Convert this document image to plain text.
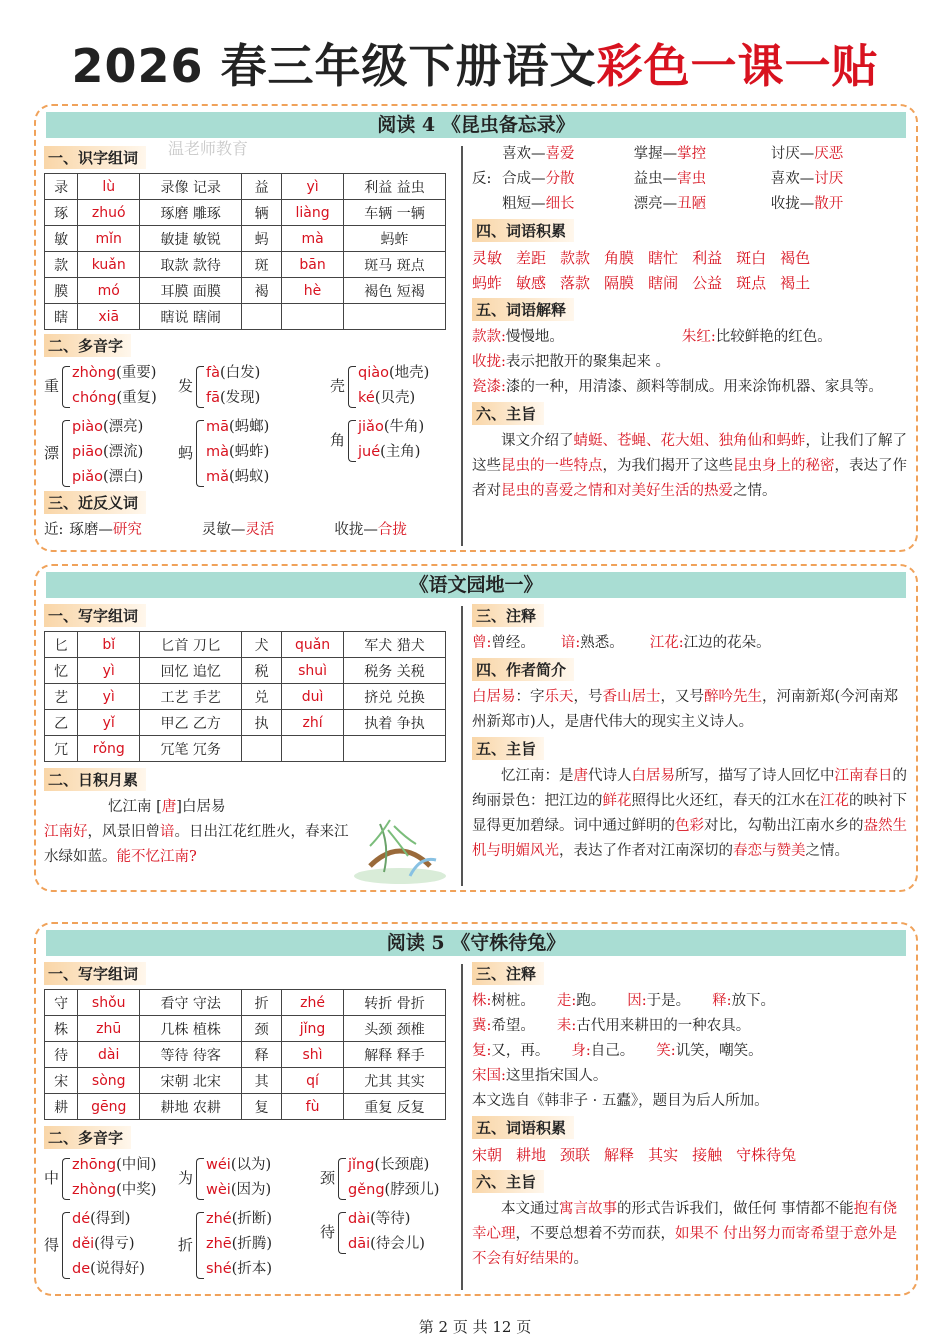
2026 春三年级下册语文彩色一课一贴
温老师教育
阅读 4 《昆虫备忘录》
一、识字组词
录	lù	录像 记录	益	yì	利益 益虫
琢	zhuó	琢磨 雕琢	辆	liàng	车辆 一辆
敏	mǐn	敏捷 敏锐	蚂	mà	蚂蚱
款	kuǎn	取款 款待	斑	bān	斑马 斑点
膜	mó	耳膜 面膜	褐	hè	褐色 短褐
瞎	xiā	瞎说 瞎闹			
二、多音字
重
zhòng(重要)
chóng(重复)
发
fà(白发)
fā(发现)
壳
qiào(地壳)
ké(贝壳)
漂
piào(漂亮)
piāo(漂流)
piǎo(漂白)
蚂
mā(蚂螂)
mà(蚂蚱)
mǎ(蚂蚁)
角
jiǎo(牛角)
jué(主角)
三、近反义词
近: 琢磨—研究	灵敏—灵活	收拢—合拢
喜欢—喜爱	掌握—掌控	讨厌—厌恶
反: 合成—分散	益虫—害虫	喜欢—讨厌
粗短—细长	漂亮—丑陋	收拢—散开
四、词语积累
灵敏 差距 款款 角膜 瞎忙 利益 斑白 褐色
蚂蚱 敏感 落款 隔膜 瞎闹 公益 斑点 褐土
五、词语解释
款款:慢慢地。	朱红:比较鲜艳的红色。
收拢:表示把散开的聚集起来 。
瓷漆:漆的一种，用清漆、颜料等制成。用来涂饰机器、家具等。
六、主旨
课文介绍了蜻蜓、苍蝇、花大姐、独角仙和蚂蚱，让我们了解了这些昆虫的一些特点，为我们揭开了这些昆虫身上的秘密，表达了作者对昆虫的喜爱之情和对美好生活的热爱之情。
《语文园地一》
一、写字组词
匕	bǐ	匕首 刀匕	犬	quǎn	军犬 猎犬
忆	yì	回忆 追忆	税	shuì	税务 关税
艺	yì	工艺 手艺	兑	duì	挤兑 兑换
乙	yǐ	甲乙 乙方	执	zhí	执着 争执
冗	rǒng	冗笔 冗务			
二、日积月累
忆江南 [唐]白居易
江南好，风景旧曾谙。日出江花红胜火，春来江水绿如蓝。能不忆江南?
三、注释
曾:曾经。 谙:熟悉。 江花:江边的花朵。
四、作者简介
白居易：字乐天，号香山居士，又号醉吟先生，河南新郑(今河南郑州新郑市)人，是唐代伟大的现实主义诗人。
五、主旨
忆江南：是唐代诗人白居易所写，描写了诗人回忆中江南春日的绚丽景色：把江边的鲜花照得比火还红，春天的江水在江花的映衬下显得更加碧绿。词中通过鲜明的色彩对比，勾勒出江南水乡的盎然生机与明媚风光，表达了作者对江南深切的春恋与赞美之情。
阅读 5 《守株待兔》
一、写字组词
守	shǒu	看守 守法	折	zhé	转折 骨折
株	zhū	几株 植株	颈	jǐng	头颈 颈椎
待	dài	等待 待客	释	shì	解释 释手
宋	sòng	宋朝 北宋	其	qí	尤其 其实
耕	gēng	耕地 农耕	复	fù	重复 反复
二、多音字
中
zhōng(中间)
zhòng(中奖)
为
wéi(以为)
wèi(因为)
颈
jǐng(长颈鹿)
gěng(脖颈儿)
得
dé(得到)
děi(得亏)
de(说得好)
折
zhé(折断)
zhē(折腾)
shé(折本)
待
dài(等待)
dāi(待会儿)
三、注释
株:树桩。 走:跑。 因:于是。 释:放下。
冀:希望。 耒:古代用来耕田的一种农具。
复:又，再。 身:自己。 笑:讥笑，嘲笑。
宋国:这里指宋国人。
本文选自《韩非子 · 五蠹》，题目为后人所加。
五、词语积累
宋朝 耕地 颈联 解释 其实 接触 守株待兔
六、主旨
本文通过寓言故事的形式告诉我们，做任何 事情都不能抱有侥幸心理，不要总想着不劳而获，如果不 付出努力而寄希望于意外是不会有好结果的。
第 2 页 共 12 页
